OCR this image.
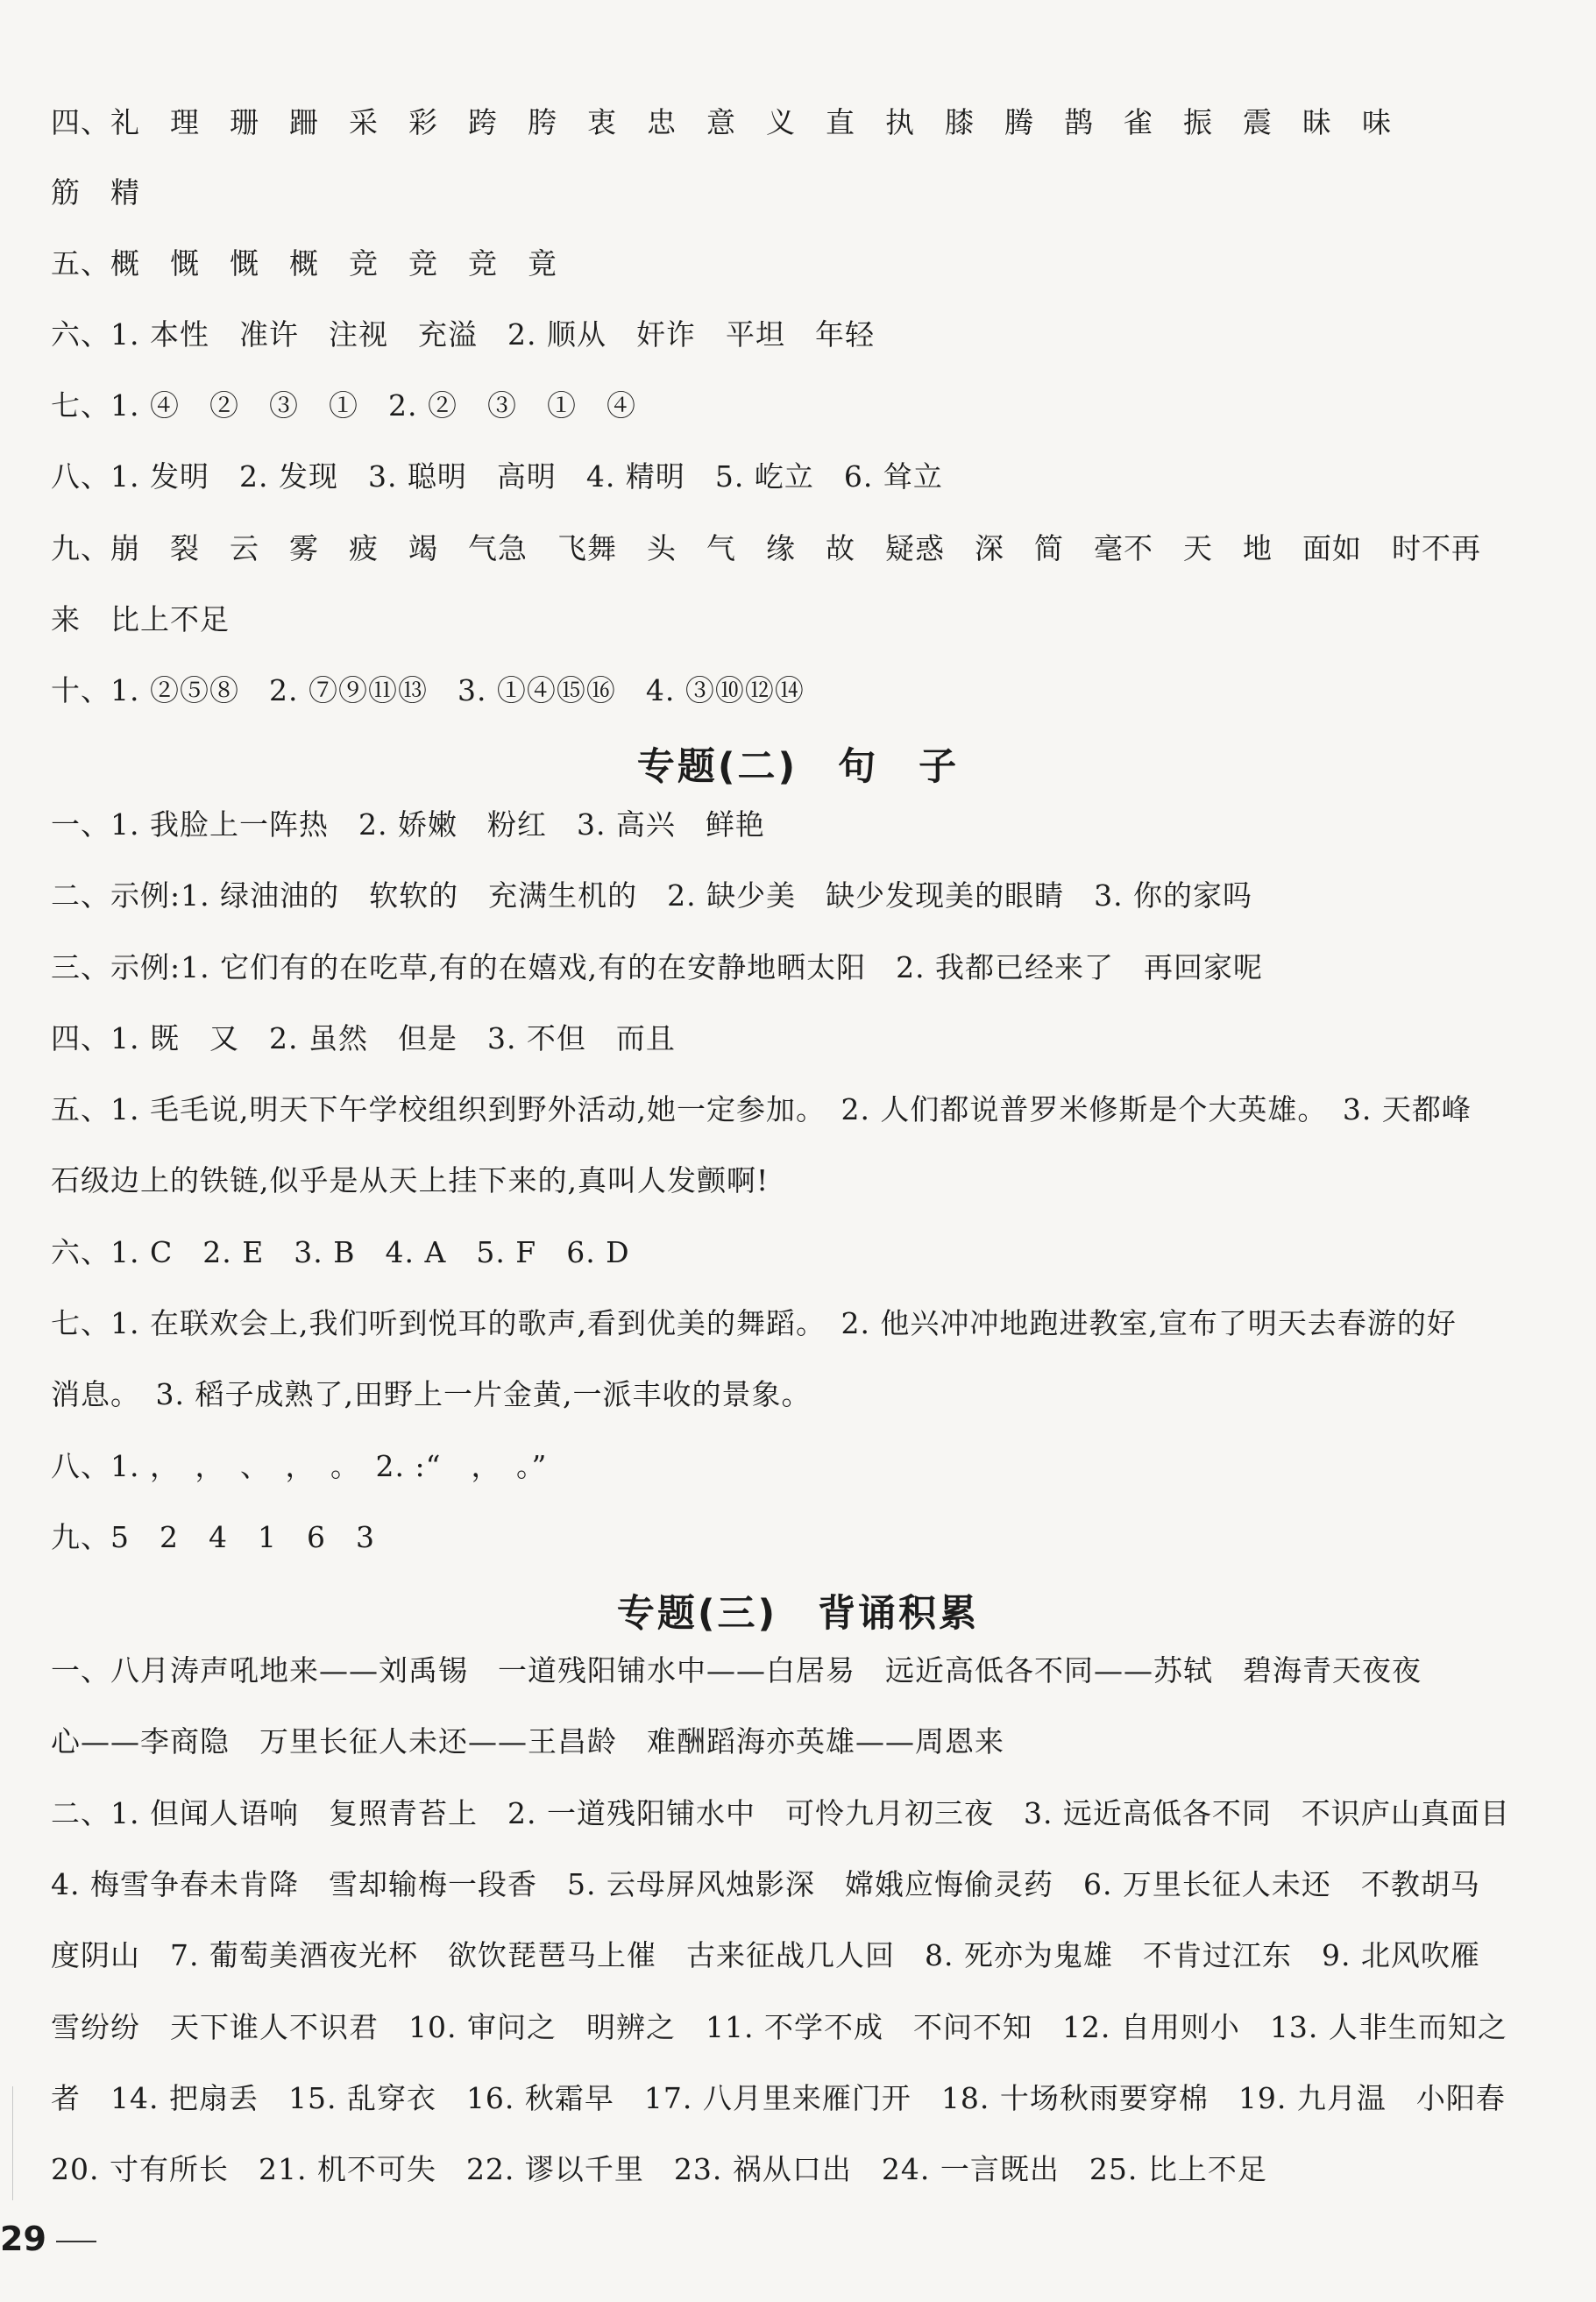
四、礼　理　珊　跚　采　彩　跨　胯　衷　忠　意　义　直　执　膝　腾　鹊　雀　振　震　昧　味
筋　精
五、概　慨　慨　概　竞　竞　竞　竟
六、1. 本性　准许　注视　充溢　2. 顺从　奸诈　平坦　年轻
七、1. ④　②　③　①　2. ②　③　①　④
八、1. 发明　2. 发现　3. 聪明　高明　4. 精明　5. 屹立　6. 耸立
九、崩　裂　云　雾　疲　竭　气急　飞舞　头　气　缘　故　疑惑　深　简　毫不　天　地　面如　时不再
来　比上不足
十、1. ②⑤⑧　2. ⑦⑨⑪⑬　3. ①④⑮⑯　4. ③⑩⑫⑭
专题(二)　句　子
一、1. 我脸上一阵热　2. 娇嫩　粉红　3. 高兴　鲜艳
二、示例:1. 绿油油的　软软的　充满生机的　2. 缺少美　缺少发现美的眼睛　3. 你的家吗
三、示例:1. 它们有的在吃草,有的在嬉戏,有的在安静地晒太阳　2. 我都已经来了　再回家呢
四、1. 既　又　2. 虽然　但是　3. 不但　而且
五、1. 毛毛说,明天下午学校组织到野外活动,她一定参加。　2. 人们都说普罗米修斯是个大英雄。　3. 天都峰
石级边上的铁链,似乎是从天上挂下来的,真叫人发颤啊!
六、1. C　2. E　3. B　4. A　5. F　6. D
七、1. 在联欢会上,我们听到悦耳的歌声,看到优美的舞蹈。　2. 他兴冲冲地跑进教室,宣布了明天去春游的好
消息。　3. 稻子成熟了,田野上一片金黄,一派丰收的景象。
八、1. ，　，　、　，　。　2. :“　，　。”
九、5　2　4　1　6　3
专题(三)　背诵积累
一、八月涛声吼地来——刘禹锡　一道残阳铺水中——白居易　远近高低各不同——苏轼　碧海青天夜夜
心——李商隐　万里长征人未还——王昌龄　难酬蹈海亦英雄——周恩来
二、1. 但闻人语响　复照青苔上　2. 一道残阳铺水中　可怜九月初三夜　3. 远近高低各不同　不识庐山真面目
4. 梅雪争春未肯降　雪却输梅一段香　5. 云母屏风烛影深　嫦娥应悔偷灵药　6. 万里长征人未还　不教胡马
度阴山　7. 葡萄美酒夜光杯　欲饮琵琶马上催　古来征战几人回　8. 死亦为鬼雄　不肯过江东　9. 北风吹雁
雪纷纷　天下谁人不识君　10. 审问之　明辨之　11. 不学不成　不问不知　12. 自用则小　13. 人非生而知之
者　14. 把扇丢　15. 乱穿衣　16. 秋霜早　17. 八月里来雁门开　18. 十场秋雨要穿棉　19. 九月温　小阳春
20. 寸有所长　21. 机不可失　22. 谬以千里　23. 祸从口出　24. 一言既出　25. 比上不足
29
